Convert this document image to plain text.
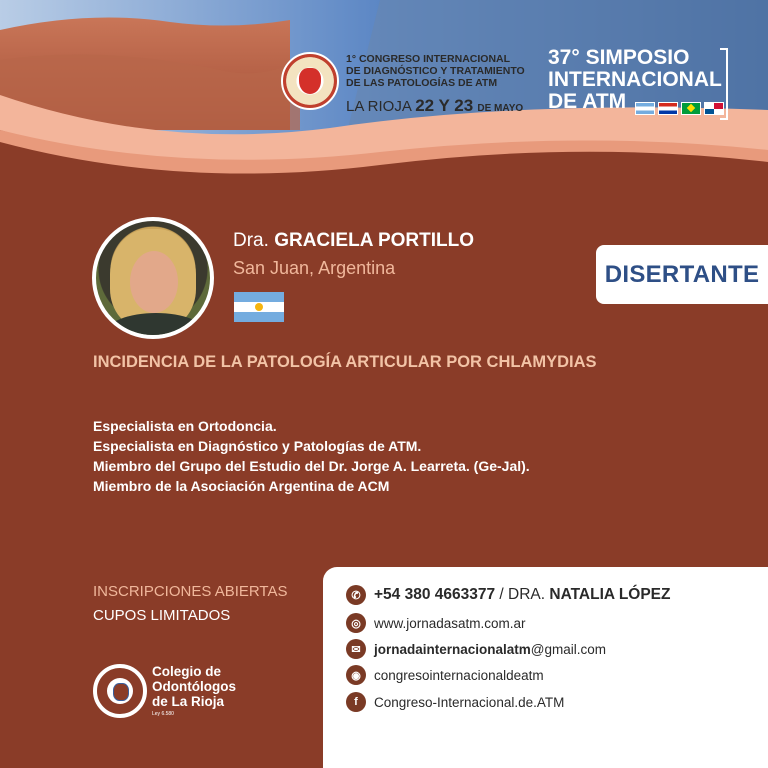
1° CONGRESO INTERNACIONAL
DE DIAGNÓSTICO Y TRATAMIENTO
DE LAS PATOLOGÍAS DE ATM
LA RIOJA 22 Y 23 DE MAYO
37° SIMPOSIO
INTERNACIONAL
DE ATM
Dra. GRACIELA PORTILLO
San Juan, Argentina	DISERTANTE
INCIDENCIA DE LA PATOLOGÍA ARTICULAR POR CHLAMYDIAS
Especialista en Ortodoncia.
Especialista en Diagnóstico y Patologías de ATM.
Miembro del Grupo del Estudio del Dr. Jorge A. Learreta. (Ge-Jal).
Miembro de la Asociación Argentina de ACM
INSCRIPCIONES ABIERTAS
CUPOS LIMITADOS
Colegio de
Odontólogos
de La Rioja
Ley 6.580
✆ +54 380 4663377 / DRA. NATALIA LÓPEZ
◎ www.jornadasatm.com.ar
✉ jornadainternacionalatm@gmail.com
◉ congresointernacionaldeatm
f	Congreso-Internacional.de.ATM
